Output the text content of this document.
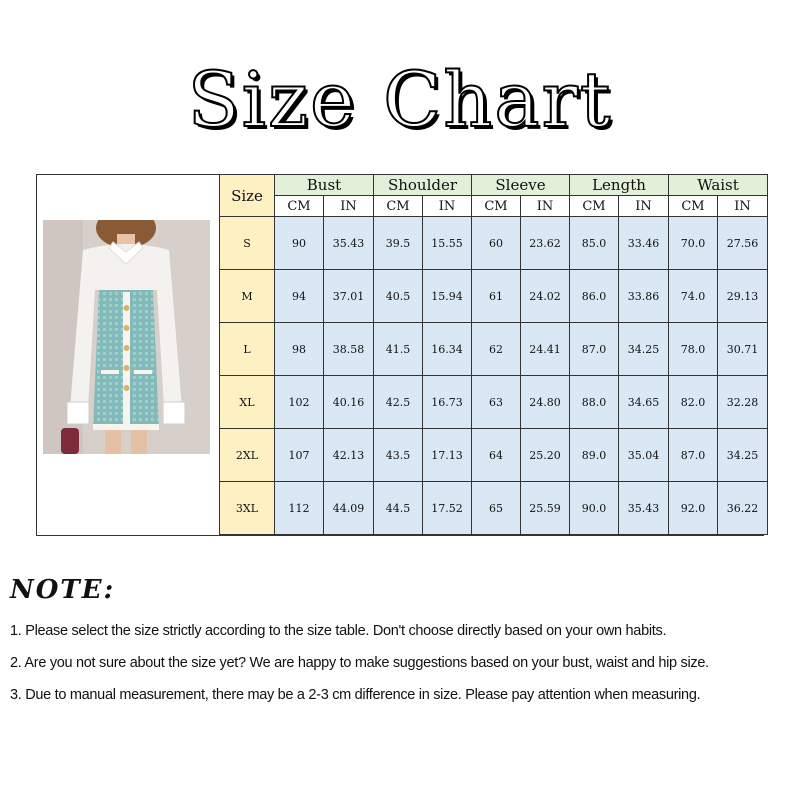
Size Chart
Size	Bust		Shoulder		Sleeve		Length		Waist	
	CM	IN	CM	IN	CM	IN	CM	IN	CM	IN
S	90	35.43	39.5	15.55	60	23.62	85.0	33.46	70.0	27.56
M	94	37.01	40.5	15.94	61	24.02	86.0	33.86	74.0	29.13
L	98	38.58	41.5	16.34	62	24.41	87.0	34.25	78.0	30.71
XL	102	40.16	42.5	16.73	63	24.80	88.0	34.65	82.0	32.28
2XL	107	42.13	43.5	17.13	64	25.20	89.0	35.04	87.0	34.25
3XL	112	44.09	44.5	17.52	65	25.59	90.0	35.43	92.0	36.22
NOTE:
1. Please select the size strictly according to the size table. Don't choose directly based on your own habits.
2. Are you not sure about the size yet? We are happy to make suggestions based on your bust, waist and hip size.
3. Due to manual measurement, there may be a 2-3 cm difference in size. Please pay attention when measuring.
